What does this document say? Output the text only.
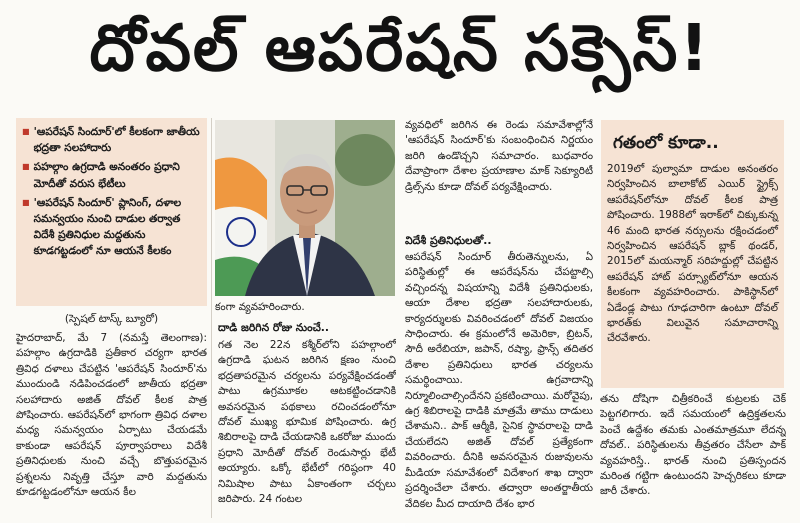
దోవల్ ఆపరేషన్ సక్సెస్!
■ 'ఆపరేషన్ సిందూర్'లో కీలకంగా జాతీయ భద్రతా సలహాదారు
■ పహల్గాం ఉగ్రదాడి అనంతరం ప్రధాని మోదీతో వరుస భేటీలు
■ 'ఆపరేషన్ సిందూర్' ప్లానింగ్, దళాల సమన్వయం నుంచి దాడుల తర్వాత విదేశీ ప్రతినిధుల మద్దతును కూడగట్టడంలో నూ ఆయనే కీలకం
(స్పెషల్ టాస్క్ బ్యూరో)

హైదరాబాద్, మే 7 (నమస్తే తెలంగాణ): పహల్గాం ఉగ్రదాడికి ప్రతీకార చర్యగా భారత త్రివిధ దళాలు చేపట్టిన 'ఆపరేషన్ సిందూర్'ను ముందుండి నడిపించడంలో జాతీయ భద్రతా సలహాదారు అజిత్ దోవల్ కీలక పాత్ర పోషించారు. ఆపరేషన్‌లో భాగంగా త్రివిధ దళాల మధ్య సమన్వయం ఏర్పాటు చేయడమే కాకుండా ఆపరేషన్ పూర్వాపరాలు విదేశీ ప్రతినిధులకు నుంచి వచ్చే బొత్తుపరమైన ప్రశ్నలను నివృత్తి చేస్తూ వారి మద్దతును కూడగట్టడంలోనూ ఆయన కీల

కంగా వ్యవహరించారు.
దాడి జరిగిన రోజు నుంచే..

గత నెల 22న కశ్మీర్‌లోని పహల్గాంలో ఉగ్రదాడి ఘటన జరిగిన క్షణం నుంచి భద్రతాపరమైన చర్యలను పర్యవేక్షించడంతో పాటు ఉగ్రమూకల ఆటకట్టించడానికి అవసరమైన పథకాలు రచించడంలోనూ దోవల్ ముఖ్య భూమిక పోషించారు. ఉగ్ర శిబిరాలపై దాడి చేయడానికి ఒకరోజు ముందు ప్రధాని మోదీతో దోవల్ రెండుసార్లు భేటీ అయ్యారు. ఒక్కో భేటీలో గరిష్ఠంగా 40 నిమిషాల పాటు ఏకాంతంగా చర్చలు జరిపారు. 24 గంటల

వ్యవధిలో జరిగిన ఈ రెండు సమావేశాల్లోనే 'ఆపరేషన్ సిందూర్'కు సంబంధించిన నిర్ణయం జరిగి ఉండొచ్చని సమాచారం. బుధవారం దేవాప్రాంగా దేశాల ప్రయాణాల మాక్ సెక్యూరిటీ డ్రిల్స్‌ను కూడా దోవల్ పర్యవేక్షించారు.

విదేశీ ప్రతినిధులతో..

ఆపరేషన్ సిందూర్ తీరుతెన్నులను, ఏ పరిస్థితుల్లో ఈ ఆపరేషన్‌ను చేపట్టాల్సి వచ్చిందన్న విషయాన్ని విదేశీ ప్రతినిధులకు, ఆయా దేశాల భద్రతా సలహాదారులకు, కార్యదర్శులకు వివరించడంలో దోవల్ విజయం సాధించారు. ఈ క్రమంలోనే అమెరికా, బ్రిటన్, సౌదీ అరేబియా, జపాన్, రష్యా, ఫ్రాన్స్ తదితర దేశాల ప్రతినిధులు భారత చర్యలను సమర్థించాయి. ఉగ్రవాదాన్ని నిర్మూలించాల్సిందేనని ప్రకటించాయి. మరోవైపు, ఉగ్ర శిబిరాలపై దాడికి మాత్రమే తాము దాడులు చేశామని.. పాక్ ఆర్మీకి, సైనిక స్థావరాలపై దాడి చేయలేదని అజిత్ దోవల్ ప్రత్యేకంగా వివరించారు. దీనికి అవసరమైన రుజువులను మీడియా సమావేశంలో విదేశాంగ శాఖ ద్వారా ప్రదర్శించేలా చేశారు. తద్వారా అంతర్జాతీయ వేదికల మీద దాయాది దేశం భార

గతంలో కూడా..
2019లో పుల్వామా దాడుల అనంతరం నిర్వహించిన బాలాకోట్ ఎయిర్ స్ట్రైక్స్ ఆపరేషన్‌లోనూ దోవల్ కీలక పాత్ర పోషించారు. 1988లో ఇరాక్‌లో చిక్కుకున్న 46 మంది భారత నర్సులను రక్షించడంలో నిర్వహించిన ఆపరేషన్ బ్లాక్ థండర్, 2015లో మయన్మార్ సరిహద్దుల్లో చేపట్టిన ఆపరేషన్ హాట్ పర్స్యూట్‌లోనూ ఆయన కీలకంగా వ్యవహరించారు. పాకిస్థాన్‌లో ఏడేండ్ల పాటు గూఢచారిగా ఉంటూ దోవల్ భారత్‌కు విలువైన సమాచారాన్ని చేరవేశారు.

తను దోషిగా చిత్రీకరించే కుట్రలకు చెక్ పెట్టగలిగారు. ఇదే సమయంలో ఉద్రిక్తతలను పెంచే ఉద్దేశం తమకు ఎంతమాత్రమూ లేదన్న దోవల్.. పరిస్థితులను తీవ్రతరం చేసేలా పాక్ వ్యవహరిస్తే.. భారత్ నుంచి ప్రతిస్పందన మరింత గట్టిగా ఉంటుందని హెచ్చరికలు కూడా జారీ చేశారు.
